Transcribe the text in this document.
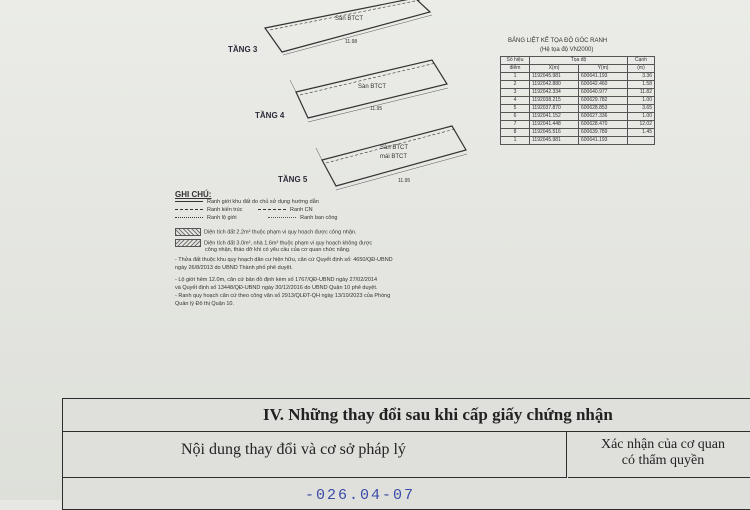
TẦNG 3
Sàn BTCT
11.98
TẦNG 4
Sàn BTCT
11.95
TẦNG 5
Sàn BTCT
mái BTCT
11.95
BẢNG LIỆT KÊ TỌA ĐỘ GÓC RANH
(Hệ tọa độ VN2000)
Số hiệu	Tọa độ		Cạnh
điểm	X(m)	Y(m)	(m)
1	1192045.981	600641.193	3.36
2	1192042.880	600642.460	1.58
3	1192042.334	600640.977	11.82
4	1192038.215	600629.782	1.00
5	1192037.870	600628.853	3.65
6	1192041.152	600627.336	1.00
7	1192041.448	600628.470	12.02
8	1192045.516	600639.789	1.45
1	1192045.981	600641.193	
GHI CHÚ:
Ranh giới khu đất do chủ sử dụng hướng dẫn
Ranh kiến trúc	Ranh CN
Ranh lộ giới	Ranh ban công
Diện tích đất 2.2m² thuộc phạm vi quy hoạch được công nhận.
Diện tích đất 3.0m², nhà 1.6m² thuộc phạm vi quy hoạch không được
công nhận, tháo dỡ khi có yêu cầu của cơ quan chức năng.
- Thửa đất thuộc khu quy hoạch dân cư hiện hữu, căn cứ Quyết định số: 4650/QĐ-UBND
ngày 26/8/2013 do UBND Thành phố phê duyệt.
- Lộ giới hẻm 12.0m, căn cứ bản đồ định kèm số 1767/QĐ-UBND ngày 27/02/2014
và Quyết định số 13448/QĐ-UBND ngày 30/12/2016 do UBND Quận 10 phê duyệt.
- Ranh quy hoạch căn cứ theo công văn số 2913/QLĐT-QH ngày 13/10/2023 của Phòng
Quản lý Đô thị Quận 10.
IV. Những thay đổi sau khi cấp giấy chứng nhận
Nội dung thay đổi và cơ sở pháp lý	Xác nhận của cơ quan
có thẩm quyền
-026.04-07
